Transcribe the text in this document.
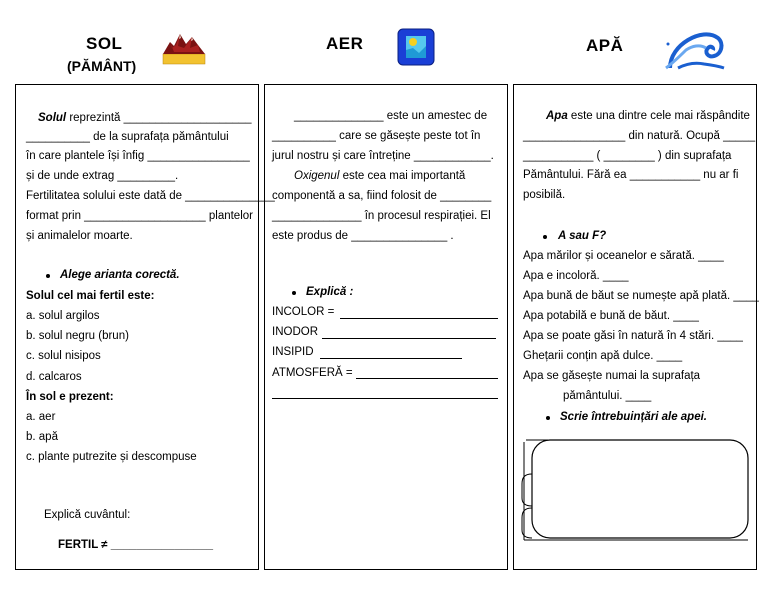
SOL
(PĂMÂNT)
AER	APĂ
Solul reprezintă ____________________
__________ de la suprafața pământului
în care plantele își înfig ________________
și de unde extrag _________.
Fertilitatea solului este dată de ______________
format prin ___________________ plantelor
și animalelor moarte.
Alege arianta corectă.
Solul cel mai fertil este:
a. solul argilos
b. solul negru (brun)
c. solul nisipos
d. calcaros
În sol e prezent:
a. aer
b. apă
c. plante putrezite și descompuse
Explică cuvântul:
FERTIL ≠ ________________
______________ este un amestec de
__________ care se găsește peste tot în
jurul nostru și care întreține ____________.
Oxigenul este cea mai importantă
componentă a sa, fiind folosit de ________
______________ în procesul respirației. El
este produs de _______________ .
Explică :
INCOLOR =
INODOR
INSIPID
ATMOSFERĂ =
Apa este una dintre cele mai răspândite
________________ din natură. Ocupă _____
___________ ( ________ ) din suprafața
Pământului. Fără ea ___________ nu ar fi
posibilă.
A sau F?
Apa mărilor și oceanelor e sărată. ____
Apa e incoloră. ____
Apa bună de băut se numește apă plată. ____
Apa potabilă e bună de băut. ____
Apa se poate găsi în natură în 4 stări. ____
Ghețarii conțin apă dulce. ____
Apa se găsește numai la suprafața
pământului. ____
Scrie întrebuințări ale apei.
